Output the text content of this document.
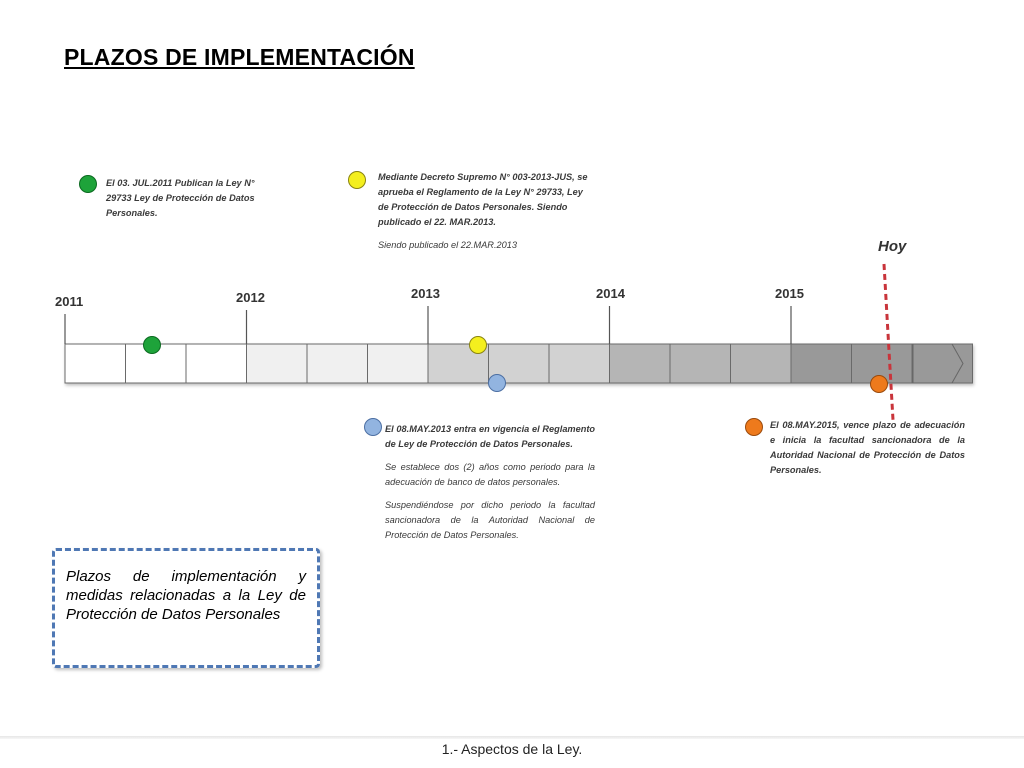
PLAZOS DE IMPLEMENTACIÓN

El 03. JUL.2011 Publican la Ley N° 29733 Ley de Protección de Datos Personales.

Mediante Decreto Supremo N° 003-2013-JUS, se aprueba el Reglamento de la Ley N° 29733, Ley de Protección de Datos Personales. Siendo publicado el 22. MAR.2013.

Siendo publicado el 22.MAR.2013	Hoy
2011	2012	2013	2014	2015

El 08.MAY.2013 entra en vigencia el Reglamento de Ley de Protección de Datos Personales.

Se establece dos (2) años como periodo para la adecuación de banco de datos personales.

Suspendiéndose por dicho periodo la facultad sancionadora de la Autoridad Nacional de Protección de Datos Personales.

El 08.MAY.2015, vence plazo de adecuación e inicia la facultad sancionadora de la Autoridad Nacional de Protección de Datos Personales.

Plazos de implementación y medidas relacionadas a la Ley de Protección de Datos Personales
1.- Aspectos de la Ley.
